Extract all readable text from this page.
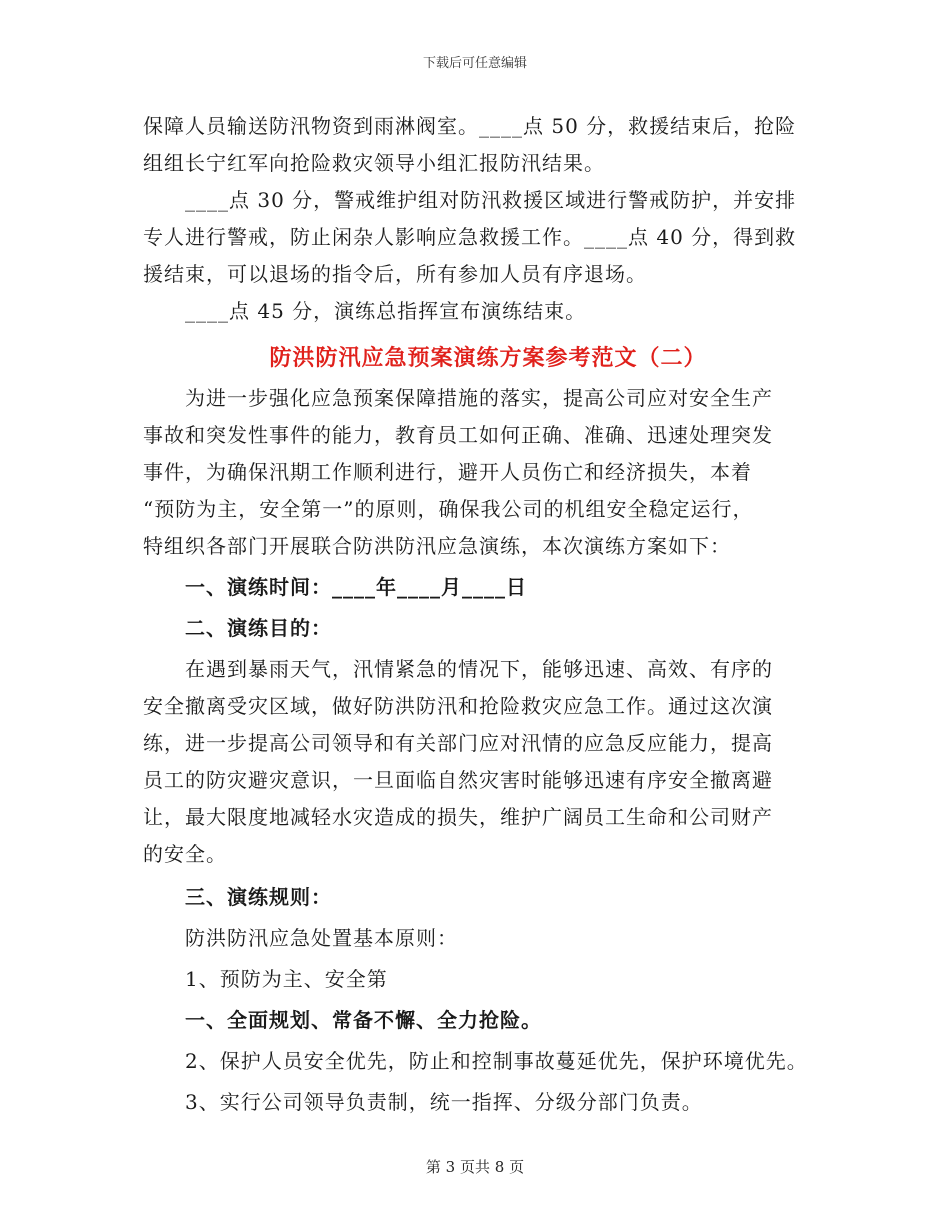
下载后可任意编辑

保障人员输送防汛物资到雨淋阀室。____点 50 分，救援结束后，抢险

组组长宁红军向抢险救灾领导小组汇报防汛结果。

____点 30 分，警戒维护组对防汛救援区域进行警戒防护，并安排

专人进行警戒，防止闲杂人影响应急救援工作。____点 40 分，得到救

援结束，可以退场的指令后，所有参加人员有序退场。

____点 45 分，演练总指挥宣布演练结束。

防洪防汛应急预案演练方案参考范文（二）

为进一步强化应急预案保障措施的落实，提高公司应对安全生产

事故和突发性事件的能力，教育员工如何正确、准确、迅速处理突发

事件，为确保汛期工作顺利进行，避开人员伤亡和经济损失，本着

“预防为主，安全第一”的原则，确保我公司的机组安全稳定运行，

特组织各部门开展联合防洪防汛应急演练，本次演练方案如下：

一、演练时间：____年____月____日

二、演练目的：

在遇到暴雨天气，汛情紧急的情况下，能够迅速、高效、有序的

安全撤离受灾区域，做好防洪防汛和抢险救灾应急工作。通过这次演

练，进一步提高公司领导和有关部门应对汛情的应急反应能力，提高

员工的防灾避灾意识，一旦面临自然灾害时能够迅速有序安全撤离避

让，最大限度地减轻水灾造成的损失，维护广阔员工生命和公司财产

的安全。

三、演练规则：

防洪防汛应急处置基本原则：

1、预防为主、安全第

一、全面规划、常备不懈、全力抢险。

2、保护人员安全优先，防止和控制事故蔓延优先，保护环境优先。

3、实行公司领导负责制，统一指挥、分级分部门负责。

第 3 页共 8 页
